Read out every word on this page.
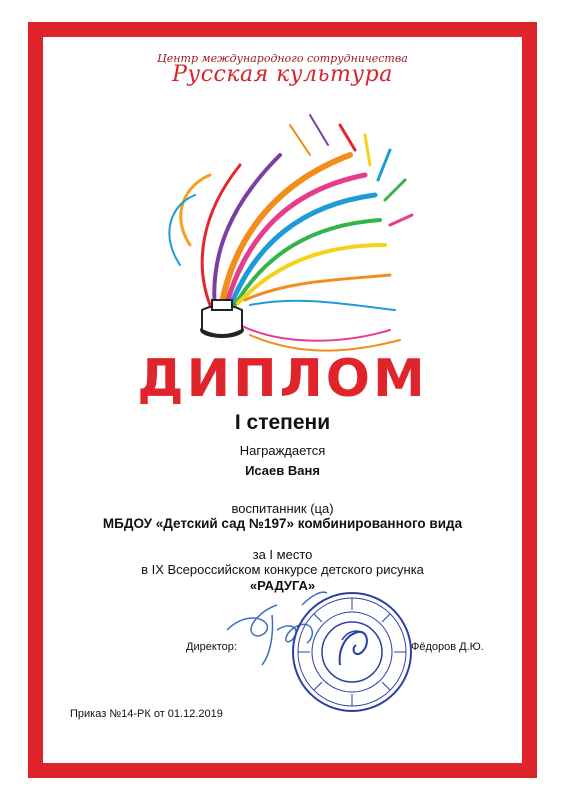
Центр международного сотрудничества
Русская культура
ДИПЛОМ
I степени
Награждается
Исаев Ваня
воспитанник (ца)
МБДОУ «Детский сад №197» комбинированного вида
за I место
в IX Всероссийском конкурсе детского рисунка
«РАДУГА»
Директор:	Фёдоров Д.Ю.
Приказ №14-РК от 01.12.2019
